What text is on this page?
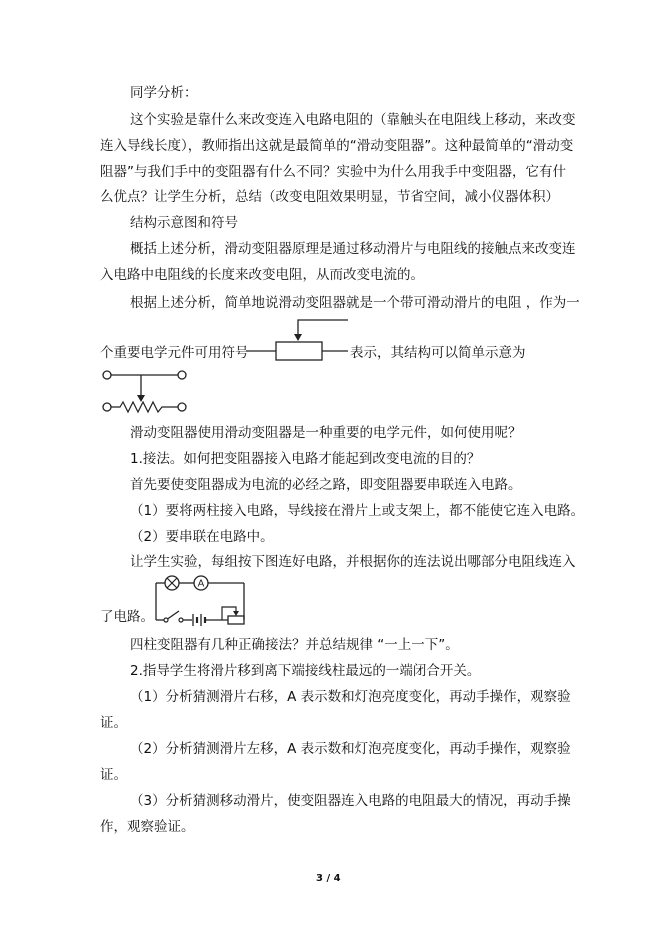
同学分析：
这个实验是靠什么来改变连入电路电阻的（靠触头在电阻线上移动，来改变
连入导线长度），教师指出这就是最简单的“滑动变阻器”。这种最简单的“滑动变
阻器”与我们手中的变阻器有什么不同？实验中为什么用我手中变阻器，它有什
么优点？让学生分析，总结（改变电阻效果明显，节省空间，减小仪器体积）
结构示意图和符号
概括上述分析，滑动变阻器原理是通过移动滑片与电阻线的接触点来改变连
入电路中电阻线的长度来改变电阻，从而改变电流的。
根据上述分析，简单地说滑动变阻器就是一个带可滑动滑片的电阻 ，作为一
个重要电学元件可用符号	表示，其结构可以简单示意为
滑动变阻器使用滑动变阻器是一种重要的电学元件，如何使用呢？
1.接法。如何把变阻器接入电路才能起到改变电流的目的？
首先要使变阻器成为电流的必经之路，即变阻器要串联连入电路。
（1）要将两柱接入电路，导线接在滑片上或支架上，都不能使它连入电路。
（2）要串联在电路中。
让学生实验，每组按下图连好电路，并根据你的连法说出哪部分电阻线连入
了电路。
A
四柱变阻器有几种正确接法？并总结规律 “一上一下”。
2.指导学生将滑片移到离下端接线柱最远的一端闭合开关。
（1）分析猜测滑片右移，A 表示数和灯泡亮度变化，再动手操作，观察验
证。
（2）分析猜测滑片左移，A 表示数和灯泡亮度变化，再动手操作，观察验
证。
（3）分析猜测移动滑片，使变阻器连入电路的电阻最大的情况，再动手操
作，观察验证。
3 / 4
